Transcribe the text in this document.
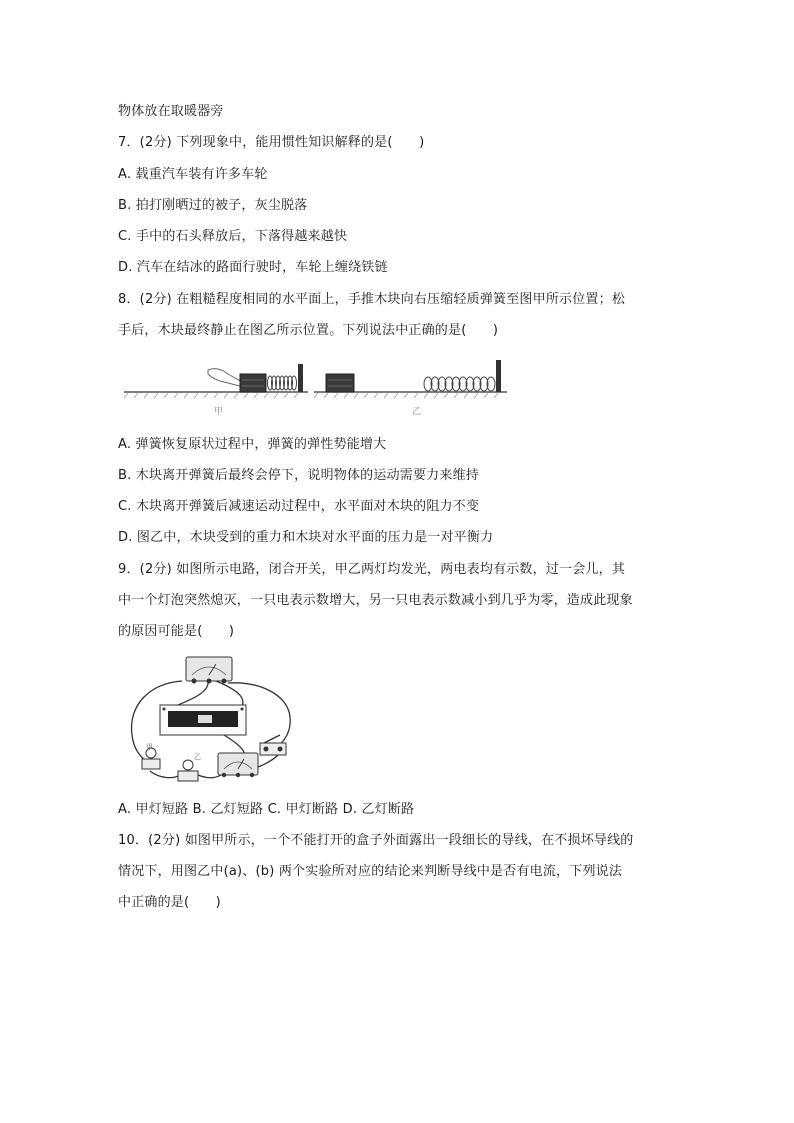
物体放在取暖器旁
7．(2分) 下列现象中，能用惯性知识解释的是(　　)
A. 载重汽车装有许多车轮
B. 拍打刚晒过的被子，灰尘脱落
C. 手中的石头释放后，下落得越来越快
D. 汽车在结冰的路面行驶时，车轮上缠绕铁链
8．(2分) 在粗糙程度相同的水平面上，手推木块向右压缩轻质弹簧至图甲所示位置；松
手后，木块最终静止在图乙所示位置。下列说法中正确的是(　　)
甲	乙
A. 弹簧恢复原状过程中，弹簧的弹性势能增大
B. 木块离开弹簧后最终会停下，说明物体的运动需要力来维持
C. 木块离开弹簧后减速运动过程中，水平面对木块的阻力不变
D. 图乙中，木块受到的重力和木块对水平面的压力是一对平衡力
9．(2分) 如图所示电路，闭合开关，甲乙两灯均发光，两电表均有示数，过一会儿，其
中一个灯泡突然熄灭，一只电表示数增大，另一只电表示数减小到几乎为零，造成此现象
的原因可能是(　　)
甲
乙
A. 甲灯短路 B. 乙灯短路 C. 甲灯断路 D. 乙灯断路
10．(2分) 如图甲所示，一个不能打开的盒子外面露出一段细长的导线，在不损坏导线的
情况下，用图乙中(a)、(b) 两个实验所对应的结论来判断导线中是否有电流，下列说法
中正确的是(　　)
